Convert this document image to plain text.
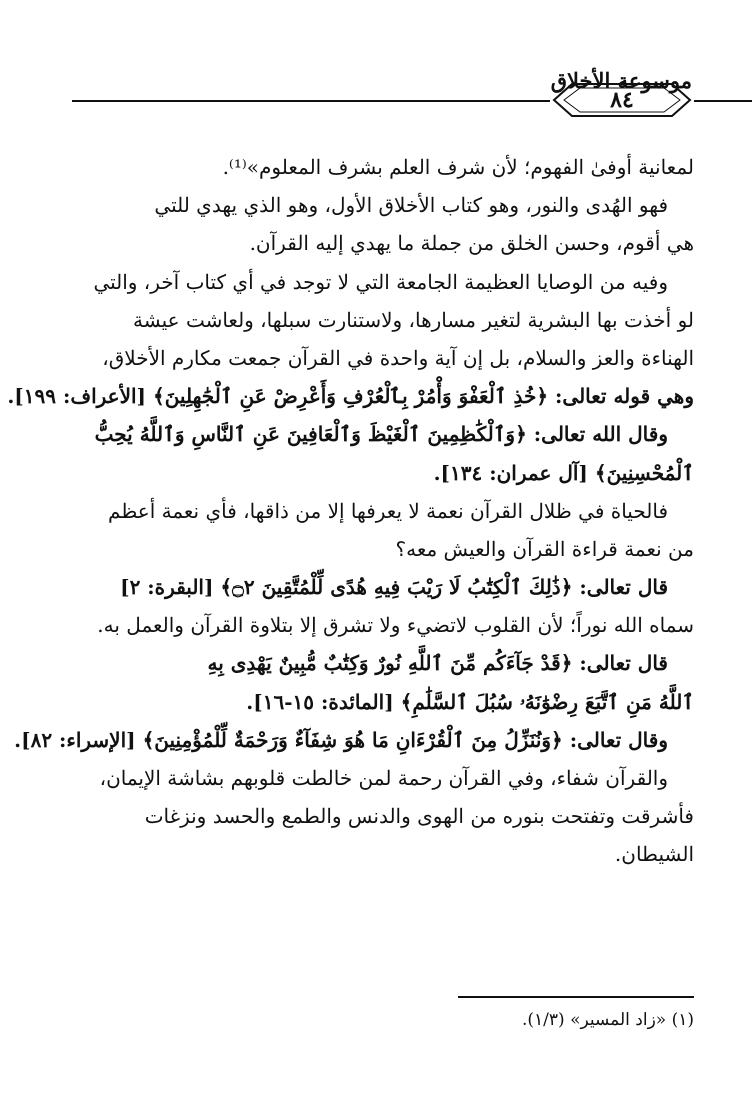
٨٤
موسوعة الأخلاق
لمعانية أوفىٰ الفهوم؛ لأن شرف العلم بشرف المعلوم»⁽¹⁾.
فهو الهُدى والنور، وهو كتاب الأخلاق الأول، وهو الذي يهدي للتي
هي أقوم، وحسن الخلق من جملة ما يهدي إليه القرآن.
وفيه من الوصايا العظيمة الجامعة التي لا توجد في أي كتاب آخر، والتي
لو أخذت بها البشرية لتغير مسارها، ولاستنارت سبلها، ولعاشت عيشة
الهناءة والعز والسلام، بل إن آية واحدة في القرآن جمعت مكارم الأخلاق،
وهي قوله تعالى: ﴿خُذِ ٱلْعَفْوَ وَأْمُرْ بِٱلْعُرْفِ وَأَعْرِضْ عَنِ ٱلْجَٰهِلِينَ﴾ [الأعراف: ١٩٩].
وقال الله تعالى: ﴿وَٱلْكَٰظِمِينَ ٱلْغَيْظَ وَٱلْعَافِينَ عَنِ ٱلنَّاسِ وَٱللَّهُ يُحِبُّ
ٱلْمُحْسِنِينَ﴾ [آل عمران: ١٣٤].
فالحياة في ظلال القرآن نعمة لا يعرفها إلا من ذاقها، فأي نعمة أعظم
من نعمة قراءة القرآن والعيش معه؟
قال تعالى: ﴿ذَٰلِكَ ٱلْكِتَٰبُ لَا رَيْبَ فِيهِ هُدًى لِّلْمُتَّقِينَ ۝٢﴾ [البقرة: ٢]
سماه الله نوراً؛ لأن القلوب لاتضيء ولا تشرق إلا بتلاوة القرآن والعمل به.
قال تعالى: ﴿قَدْ جَآءَكُم مِّنَ ٱللَّهِ نُورٌ وَكِتَٰبٌ مُّبِينٌ يَهْدِى بِهِ
ٱللَّهُ مَنِ ٱتَّبَعَ رِضْوَٰنَهُۥ سُبُلَ ٱلسَّلَٰمِ﴾ [المائدة: ١٥-١٦].
وقال تعالى: ﴿وَنُنَزِّلُ مِنَ ٱلْقُرْءَانِ مَا هُوَ شِفَآءٌ وَرَحْمَةٌ لِّلْمُؤْمِنِينَ﴾ [الإسراء: ٨٢].
والقرآن شفاء، وفي القرآن رحمة لمن خالطت قلوبهم بشاشة الإيمان،
فأشرقت وتفتحت بنوره من الهوى والدنس والطمع والحسد ونزغات
الشيطان.
(١) «زاد المسير» (١/٣).
